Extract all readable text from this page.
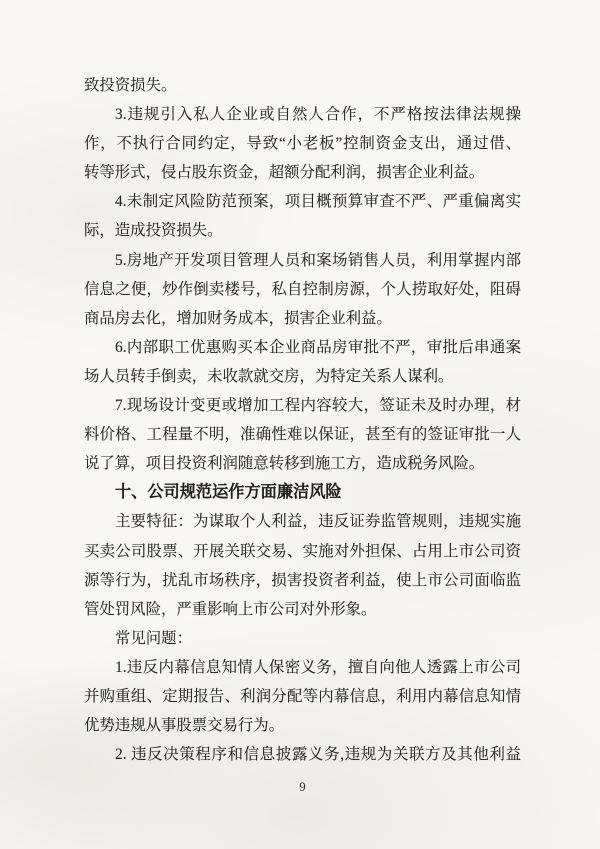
致投资损失。
3.违规引入私人企业或自然人合作，不严格按法律法规操
作，不执行合同约定，导致“小老板”控制资金支出，通过借、
转等形式，侵占股东资金，超额分配利润，损害企业利益。
4.未制定风险防范预案，项目概预算审查不严、严重偏离实
际，造成投资损失。
5.房地产开发项目管理人员和案场销售人员，利用掌握内部
信息之便，炒作倒卖楼号，私自控制房源，个人捞取好处，阻碍
商品房去化，增加财务成本，损害企业利益。
6.内部职工优惠购买本企业商品房审批不严，审批后串通案
场人员转手倒卖，未收款就交房，为特定关系人谋利。
7.现场设计变更或增加工程内容较大，签证未及时办理，材
料价格、工程量不明，准确性难以保证，甚至有的签证审批一人
说了算，项目投资利润随意转移到施工方，造成税务风险。
十、公司规范运作方面廉洁风险
主要特征：为谋取个人利益，违反证券监管规则，违规实施
买卖公司股票、开展关联交易、实施对外担保、占用上市公司资
源等行为，扰乱市场秩序，损害投资者利益，使上市公司面临监
管处罚风险，严重影响上市公司对外形象。
常见问题：
1.违反内幕信息知情人保密义务，擅自向他人透露上市公司
并购重组、定期报告、利润分配等内幕信息，利用内幕信息知情
优势违规从事股票交易行为。
2. 违反决策程序和信息披露义务,违规为关联方及其他利益
9
